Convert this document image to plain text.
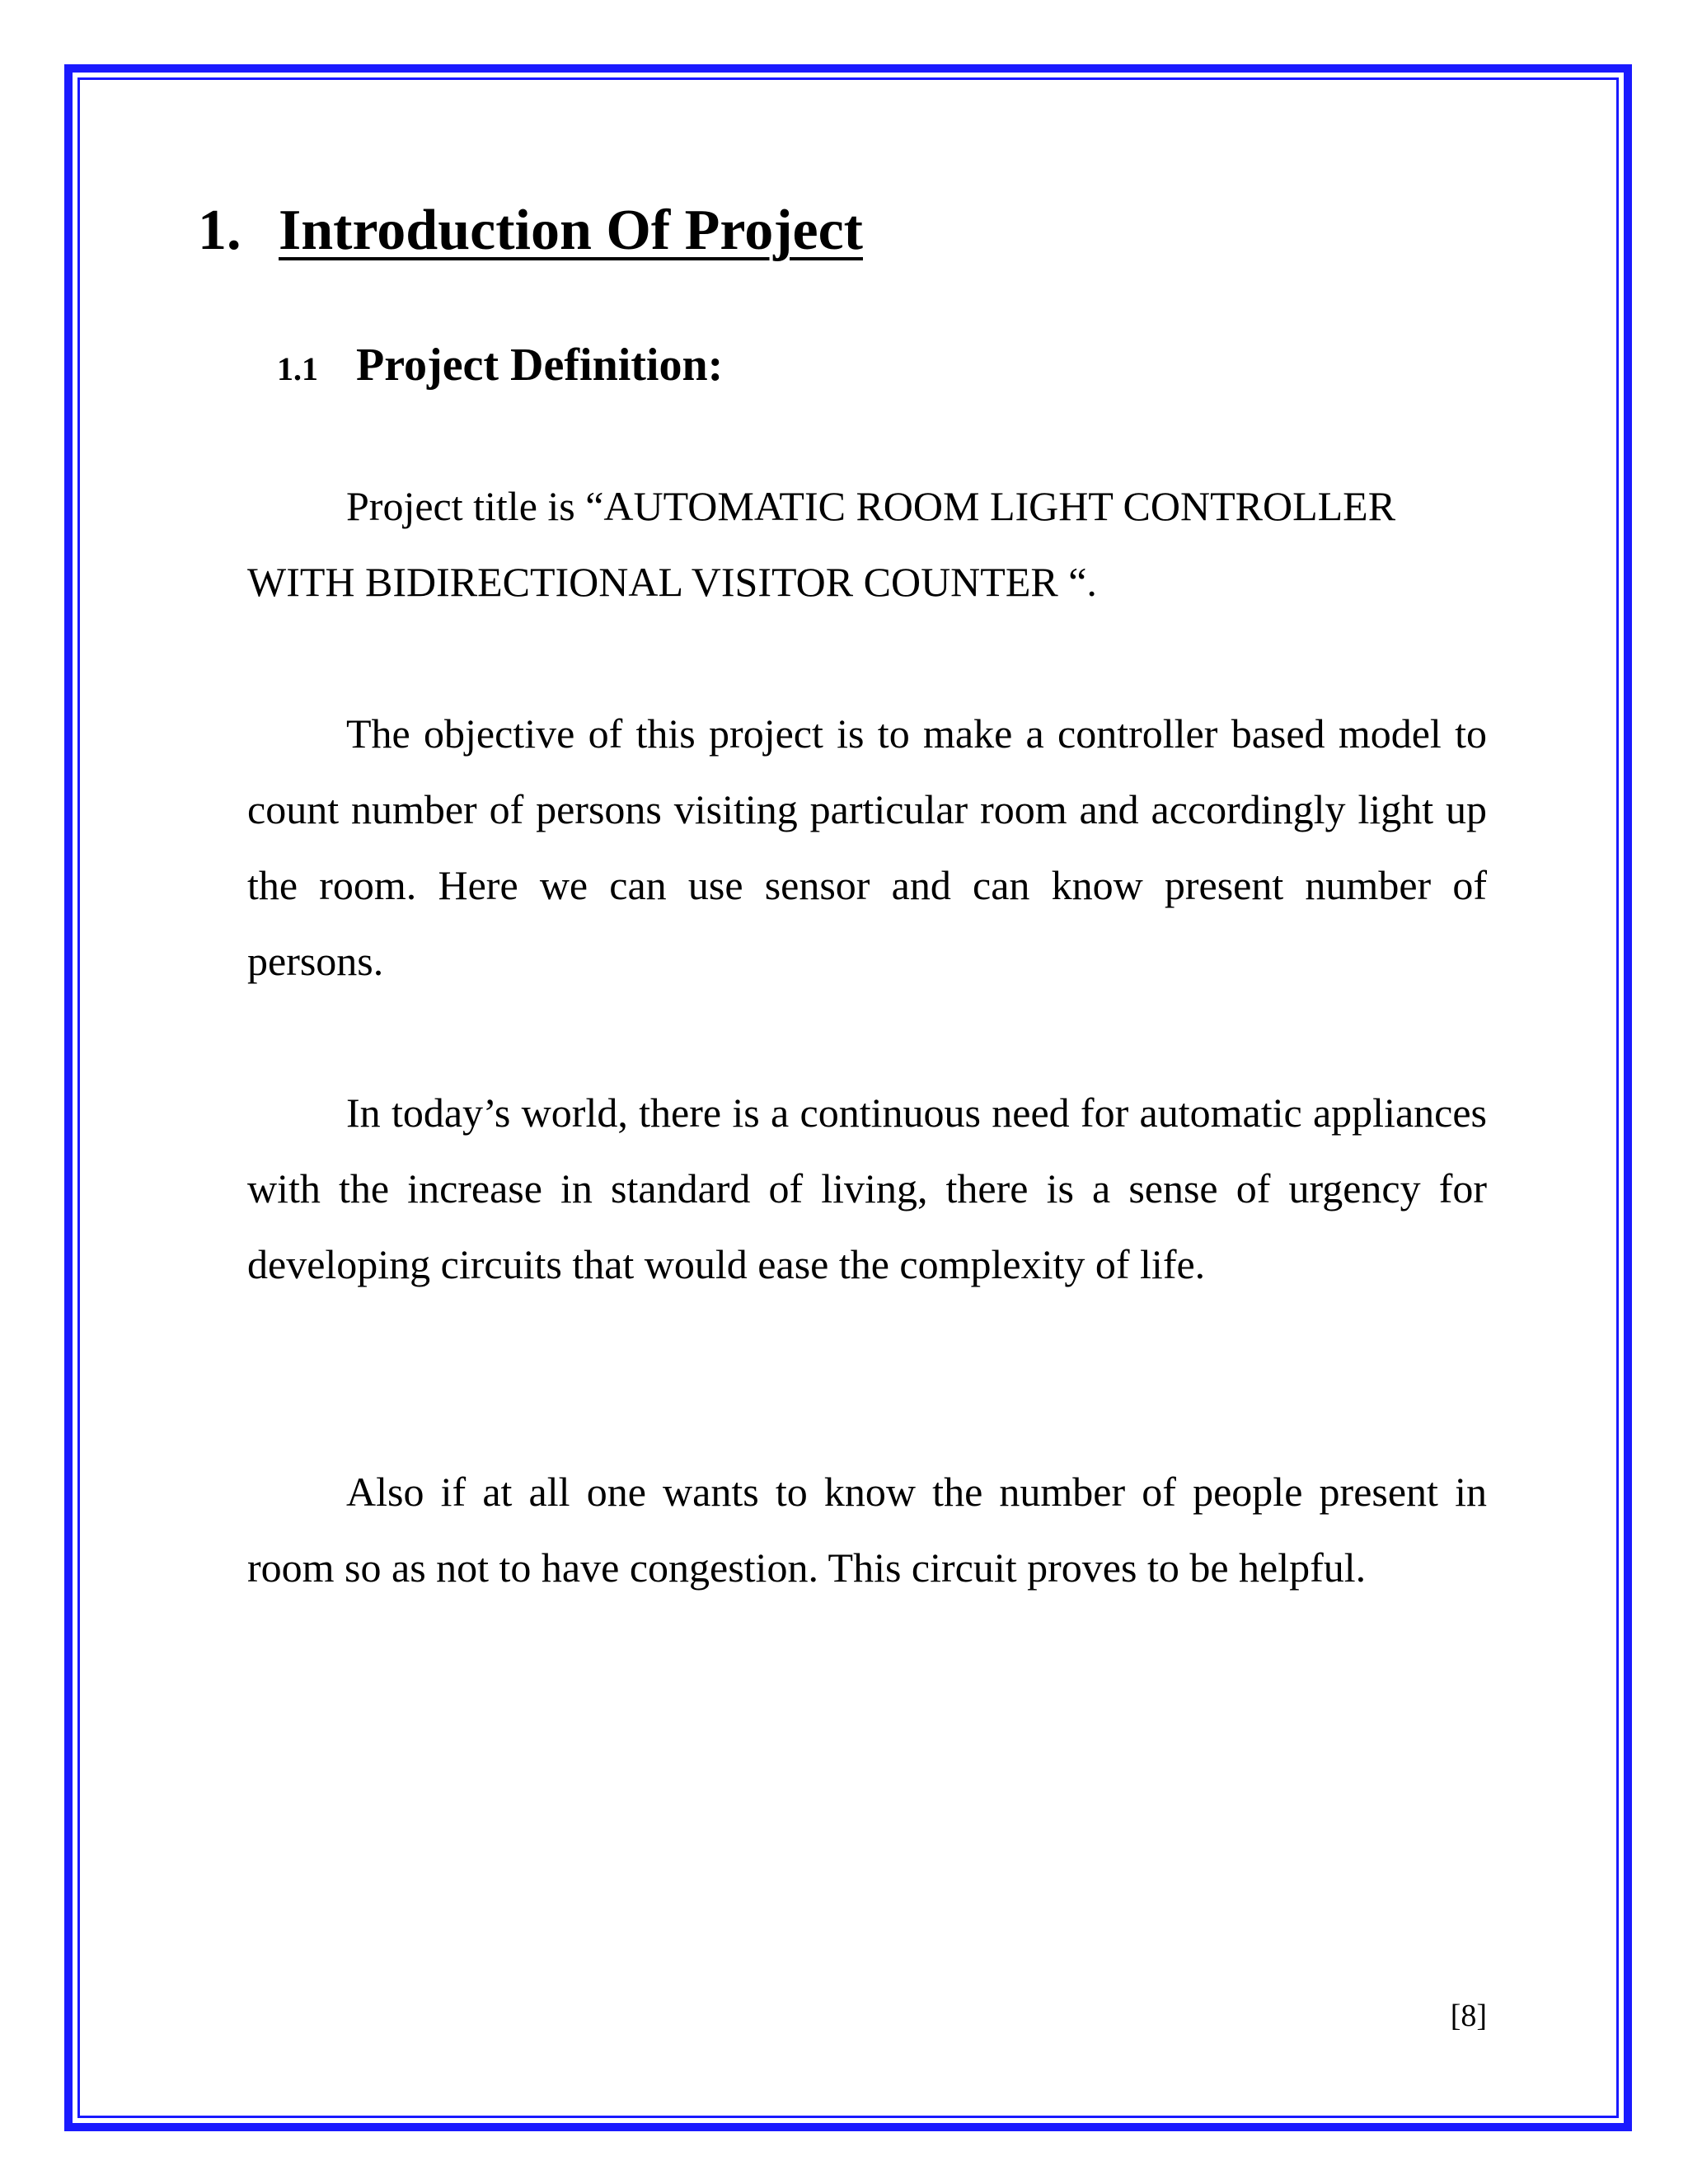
1. Introduction Of Project
1.1 Project Definition:

Project title is “AUTOMATIC ROOM LIGHT CONTROLLER WITH BIDIRECTIONAL VISITOR COUNTER “.

The objective of this project is to make a controller based model to count number of persons visiting particular room and accordingly light up the room. Here we can use sensor and can know present number of persons.

In today’s world, there is a continuous need for automatic appliances with the increase in standard of living, there is a sense of urgency for developing circuits that would ease the complexity of life.

Also if at all one wants to know the number of people present in room so as not to have congestion. This circuit proves to be helpful.

[8]
